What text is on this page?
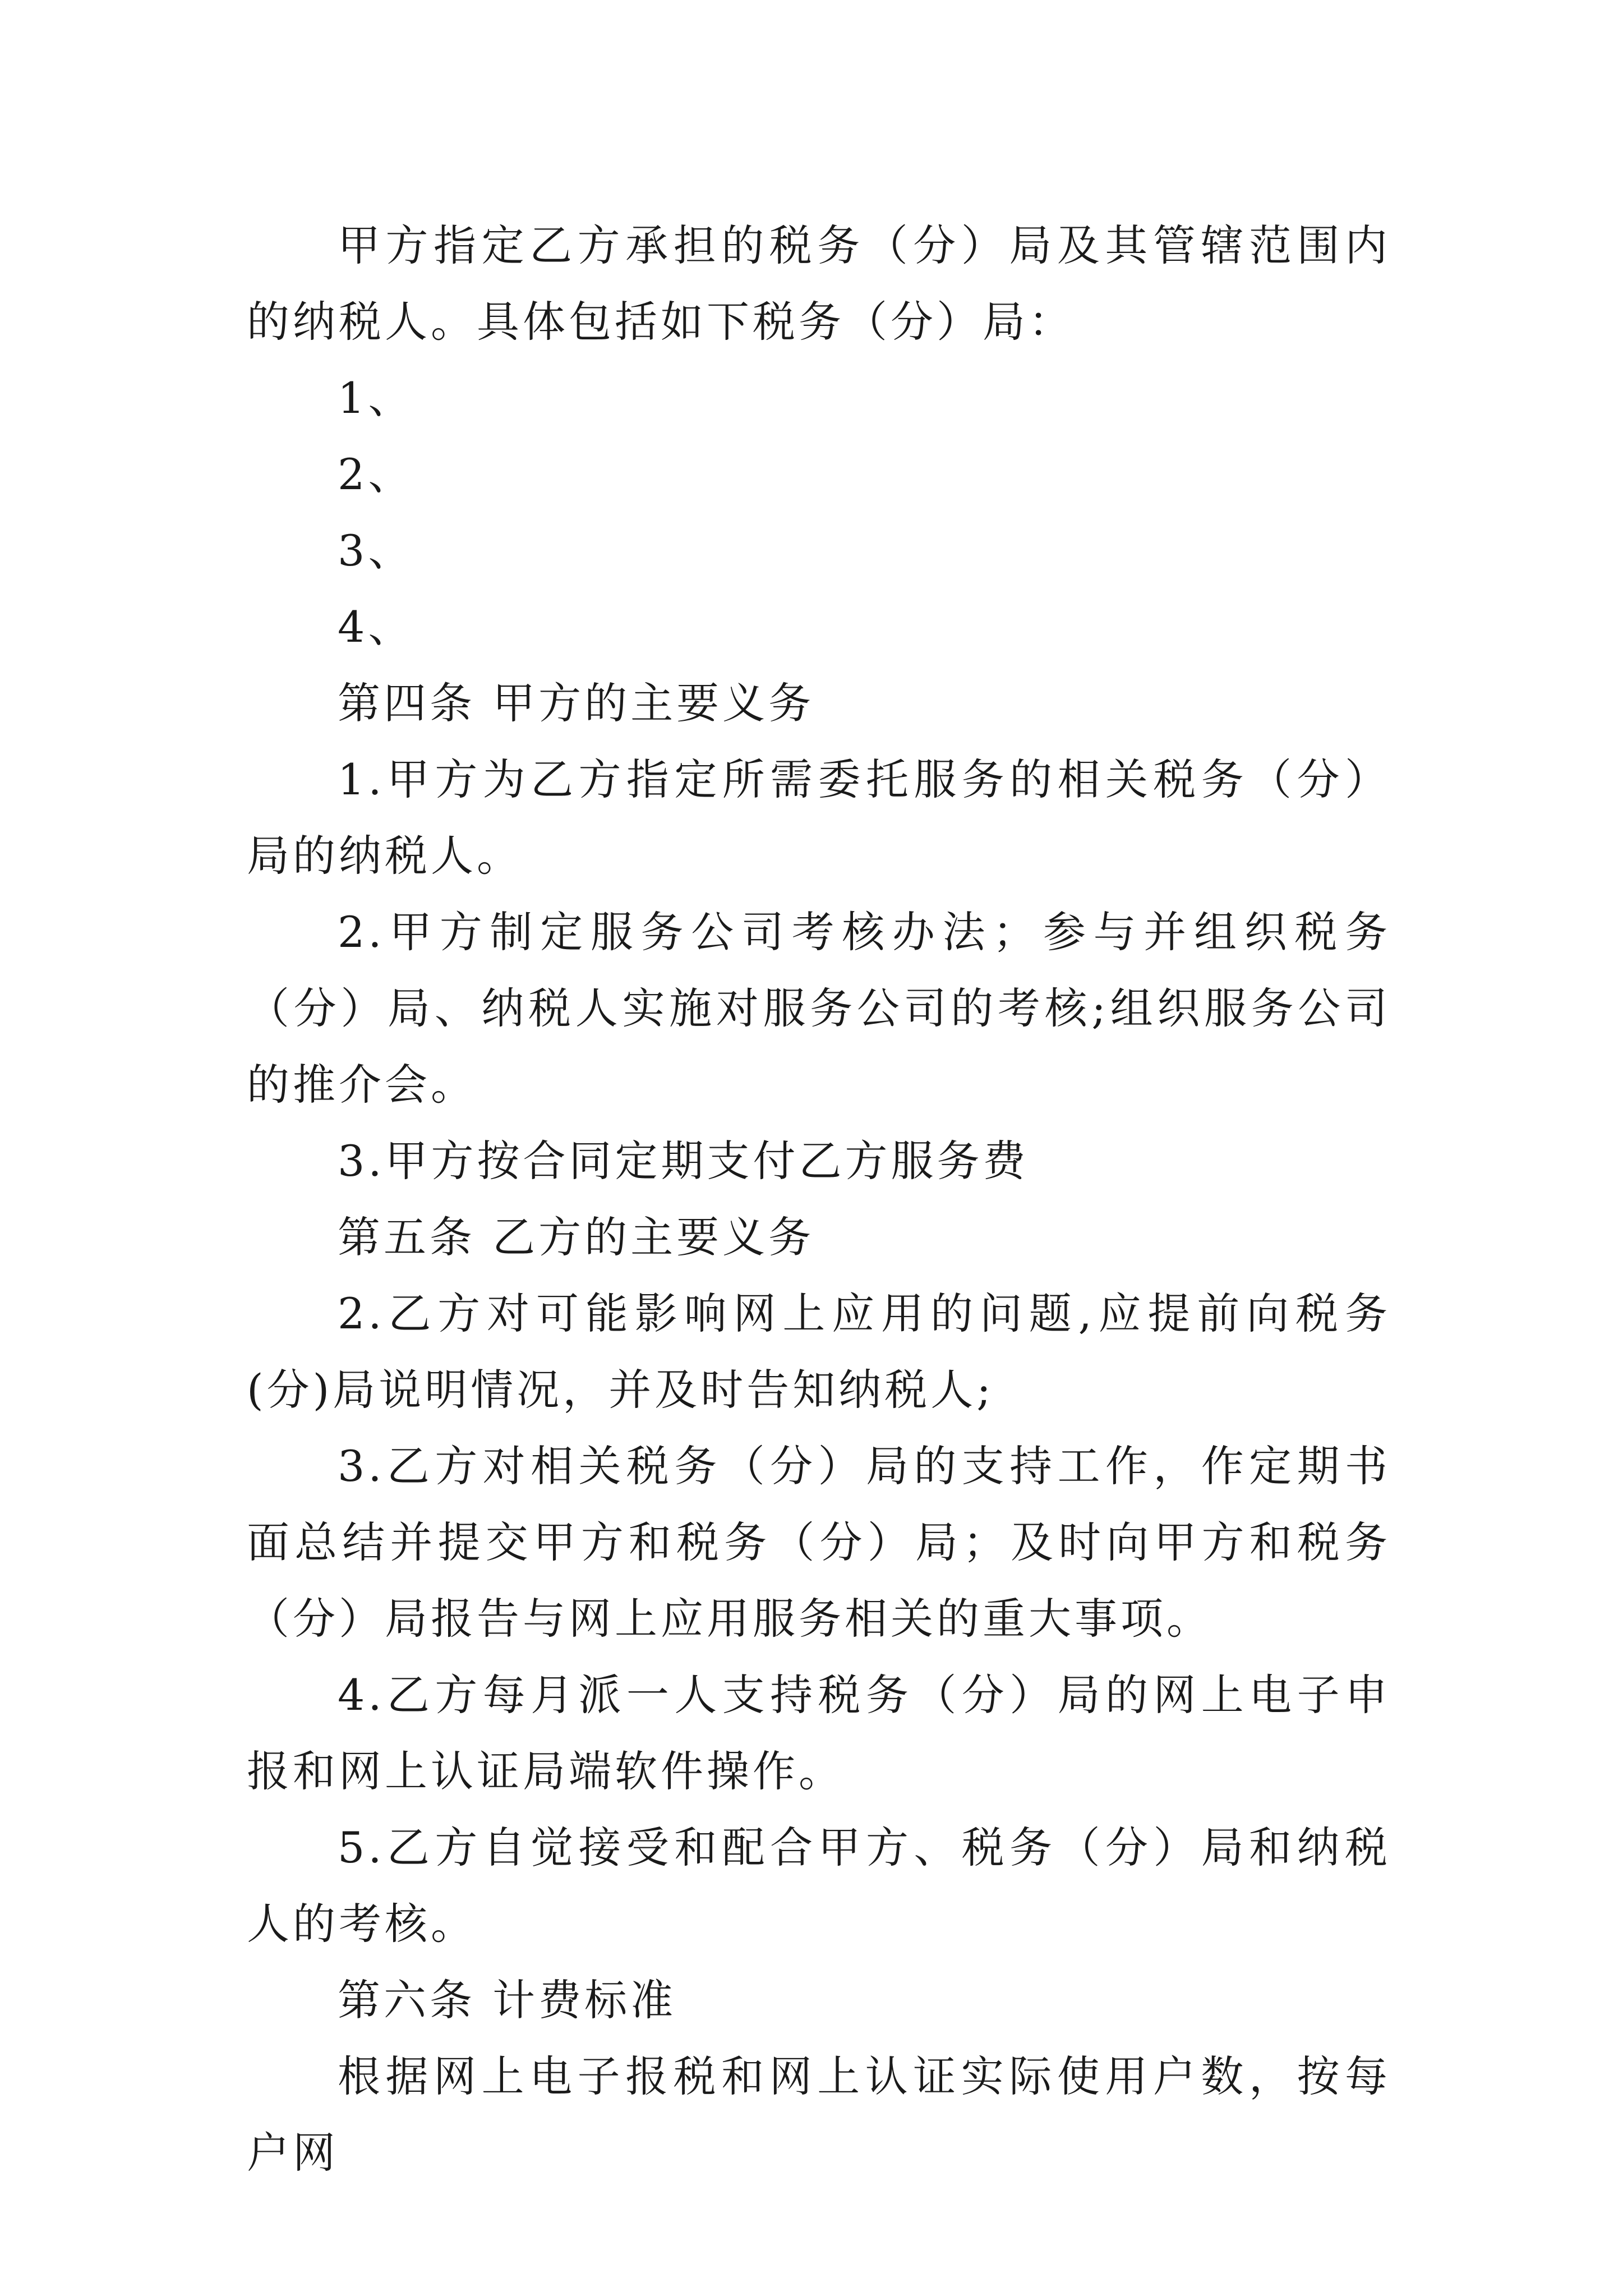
甲方指定乙方承担的税务（分）局及其管辖范围内的纳税人。具体包括如下税务（分）局：

1、

2、

3、

4、

第四条 甲方的主要义务

1.甲方为乙方指定所需委托服务的相关税务（分）局的纳税人。

2.甲方制定服务公司考核办法；参与并组织税务（分）局、纳税人实施对服务公司的考核;组织服务公司的推介会。

3.甲方按合同定期支付乙方服务费

第五条 乙方的主要义务

2.乙方对可能影响网上应用的问题,应提前向税务(分)局说明情况，并及时告知纳税人;

3.乙方对相关税务（分）局的支持工作，作定期书面总结并提交甲方和税务（分）局；及时向甲方和税务（分）局报告与网上应用服务相关的重大事项。

4.乙方每月派一人支持税务（分）局的网上电子申报和网上认证局端软件操作。

5.乙方自觉接受和配合甲方、税务（分）局和纳税人的考核。

第六条 计费标准

根据网上电子报税和网上认证实际使用户数，按每户网
